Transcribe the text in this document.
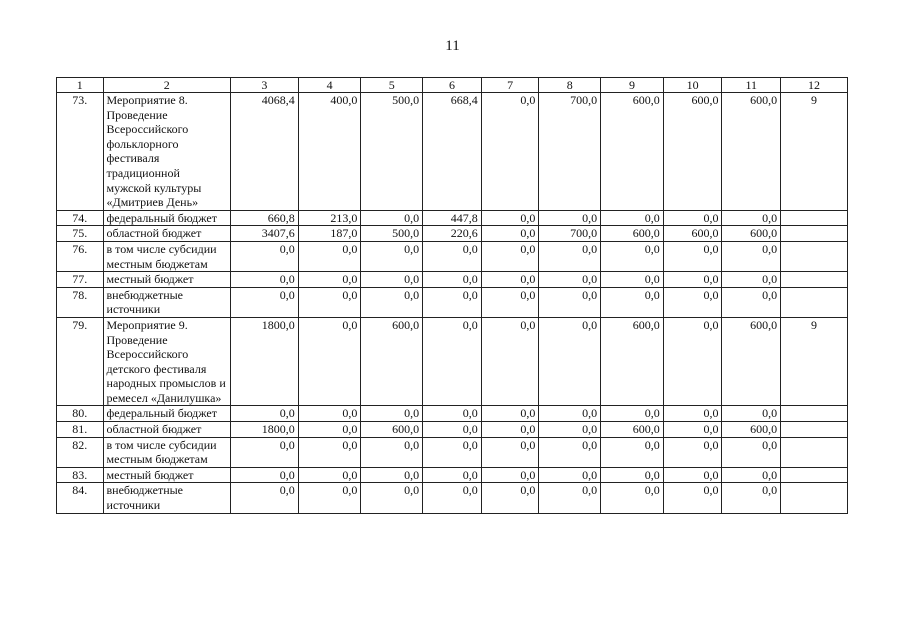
11
1	2	3	4	5	6	7	8	9	10	11	12
73.	Мероприятие 8. Проведение Всероссийского фольклорного фестиваля традиционной мужской культуры «Дмитриев День»	4068,4	400,0	500,0	668,4	0,0	700,0	600,0	600,0	600,0	9
74.	федеральный бюджет	660,8	213,0	0,0	447,8	0,0	0,0	0,0	0,0	0,0	
75.	областной бюджет	3407,6	187,0	500,0	220,6	0,0	700,0	600,0	600,0	600,0	
76.	в том числе субсидии местным бюджетам	0,0	0,0	0,0	0,0	0,0	0,0	0,0	0,0	0,0	
77.	местный бюджет	0,0	0,0	0,0	0,0	0,0	0,0	0,0	0,0	0,0	
78.	внебюджетные источники	0,0	0,0	0,0	0,0	0,0	0,0	0,0	0,0	0,0	
79.	Мероприятие 9. Проведение Всероссийского детского фестиваля народных промыслов и ремесел «Данилушка»	1800,0	0,0	600,0	0,0	0,0	0,0	600,0	0,0	600,0	9
80.	федеральный бюджет	0,0	0,0	0,0	0,0	0,0	0,0	0,0	0,0	0,0	
81.	областной бюджет	1800,0	0,0	600,0	0,0	0,0	0,0	600,0	0,0	600,0	
82.	в том числе субсидии местным бюджетам	0,0	0,0	0,0	0,0	0,0	0,0	0,0	0,0	0,0	
83.	местный бюджет	0,0	0,0	0,0	0,0	0,0	0,0	0,0	0,0	0,0	
84.	внебюджетные источники	0,0	0,0	0,0	0,0	0,0	0,0	0,0	0,0	0,0	
